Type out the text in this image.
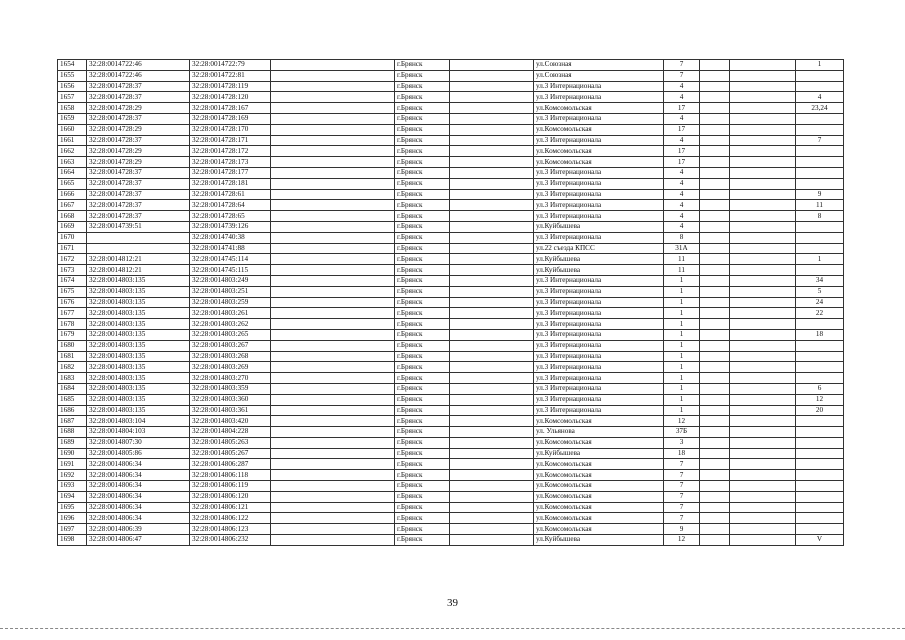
1654	32:28:0014722:46	32:28:0014722:79		г.Брянск		ул.Союзная	7			1
1655	32:28:0014722:46	32:28:0014722:81		г.Брянск		ул.Союзная	7			
1656	32:28:0014728:37	32:28:0014728:119		г.Брянск		ул.3 Интернационала	4			
1657	32:28:0014728:37	32:28:0014728:120		г.Брянск		ул.3 Интернационала	4			4
1658	32:28:0014728:29	32:28:0014728:167		г.Брянск		ул.Комсомольская	17			23,24
1659	32:28:0014728:37	32:28:0014728:169		г.Брянск		ул.3 Интернационала	4			
1660	32:28:0014728:29	32:28:0014728:170		г.Брянск		ул.Комсомольская	17			
1661	32:28:0014728:37	32:28:0014728:171		г.Брянск		ул.3 Интернационала	4			7
1662	32:28:0014728:29	32:28:0014728:172		г.Брянск		ул.Комсомольская	17			
1663	32:28:0014728:29	32:28:0014728:173		г.Брянск		ул.Комсомольская	17			
1664	32:28:0014728:37	32:28:0014728:177		г.Брянск		ул.3 Интернационала	4			
1665	32:28:0014728:37	32:28:0014728:181		г.Брянск		ул.3 Интернационала	4			
1666	32:28:0014728:37	32:28:0014728:61		г.Брянск		ул.3 Интернационала	4			9
1667	32:28:0014728:37	32:28:0014728:64		г.Брянск		ул.3 Интернационала	4			11
1668	32:28:0014728:37	32:28:0014728:65		г.Брянск		ул.3 Интернационала	4			8
1669	32:28:0014739:51	32:28:0014739:126		г.Брянск		ул.Куйбышева	4			
1670		32:28:0014740:38		г.Брянск		ул.3 Интернационала	8			
1671		32:28:0014741:88		г.Брянск		ул.22 съезда КПСС	31А			
1672	32:28:0014812:21	32:28:0014745:114		г.Брянск		ул.Куйбышева	11			1
1673	32:28:0014812:21	32:28:0014745:115		г.Брянск		ул.Куйбышева	11			
1674	32:28:0014803:135	32:28:0014803:249		г.Брянск		ул.3 Интернационала	1			34
1675	32:28:0014803:135	32:28:0014803:251		г.Брянск		ул.3 Интернационала	1			5
1676	32:28:0014803:135	32:28:0014803:259		г.Брянск		ул.3 Интернационала	1			24
1677	32:28:0014803:135	32:28:0014803:261		г.Брянск		ул.3 Интернационала	1			22
1678	32:28:0014803:135	32:28:0014803:262		г.Брянск		ул.3 Интернационала	1			
1679	32:28:0014803:135	32:28:0014803:265		г.Брянск		ул.3 Интернационала	1			18
1680	32:28:0014803:135	32:28:0014803:267		г.Брянск		ул.3 Интернационала	1			
1681	32:28:0014803:135	32:28:0014803:268		г.Брянск		ул.3 Интернационала	1			
1682	32:28:0014803:135	32:28:0014803:269		г.Брянск		ул.3 Интернационала	1			
1683	32:28:0014803:135	32:28:0014803:270		г.Брянск		ул.3 Интернационала	1			
1684	32:28:0014803:135	32:28:0014803:359		г.Брянск		ул.3 Интернационала	1			6
1685	32:28:0014803:135	32:28:0014803:360		г.Брянск		ул.3 Интернационала	1			12
1686	32:28:0014803:135	32:28:0014803:361		г.Брянск		ул.3 Интернационала	1			20
1687	32:28:0014803:104	32:28:0014803:420		г.Брянск		ул.Комсомольская	12			
1688	32:28:0014804:103	32:28:0014804:228		г.Брянск		ул. Ульянова	37Б			
1689	32:28:0014807:30	32:28:0014805:263		г.Брянск		ул.Комсомольская	3			
1690	32:28:0014805:86	32:28:0014805:267		г.Брянск		ул.Куйбышева	18			
1691	32:28:0014806:34	32:28:0014806:287		г.Брянск		ул.Комсомольская	7			
1692	32:28:0014806:34	32:28:0014806:118		г.Брянск		ул.Комсомольская	7			
1693	32:28:0014806:34	32:28:0014806:119		г.Брянск		ул.Комсомольская	7			
1694	32:28:0014806:34	32:28:0014806:120		г.Брянск		ул.Комсомольская	7			
1695	32:28:0014806:34	32:28:0014806:121		г.Брянск		ул.Комсомольская	7			
1696	32:28:0014806:34	32:28:0014806:122		г.Брянск		ул.Комсомольская	7			
1697	32:28:0014806:39	32:28:0014806:123		г.Брянск		ул.Комсомольская	9			
1698	32:28:0014806:47	32:28:0014806:232		г.Брянск		ул.Куйбышева	12			V
39
